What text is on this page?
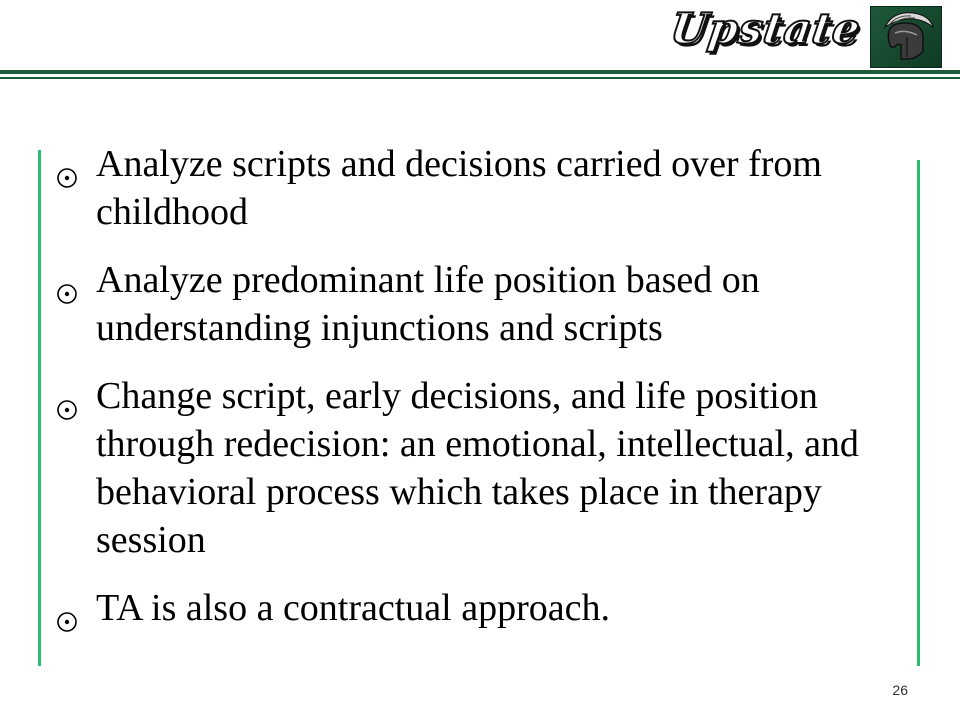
Upstate
Analyze scripts and decisions carried over from childhood
Analyze predominant life position based on understanding injunctions and scripts
Change script, early decisions, and life position through redecision: an emotional, intellectual, and behavioral process which takes place in therapy session
TA is also a contractual approach.
26
